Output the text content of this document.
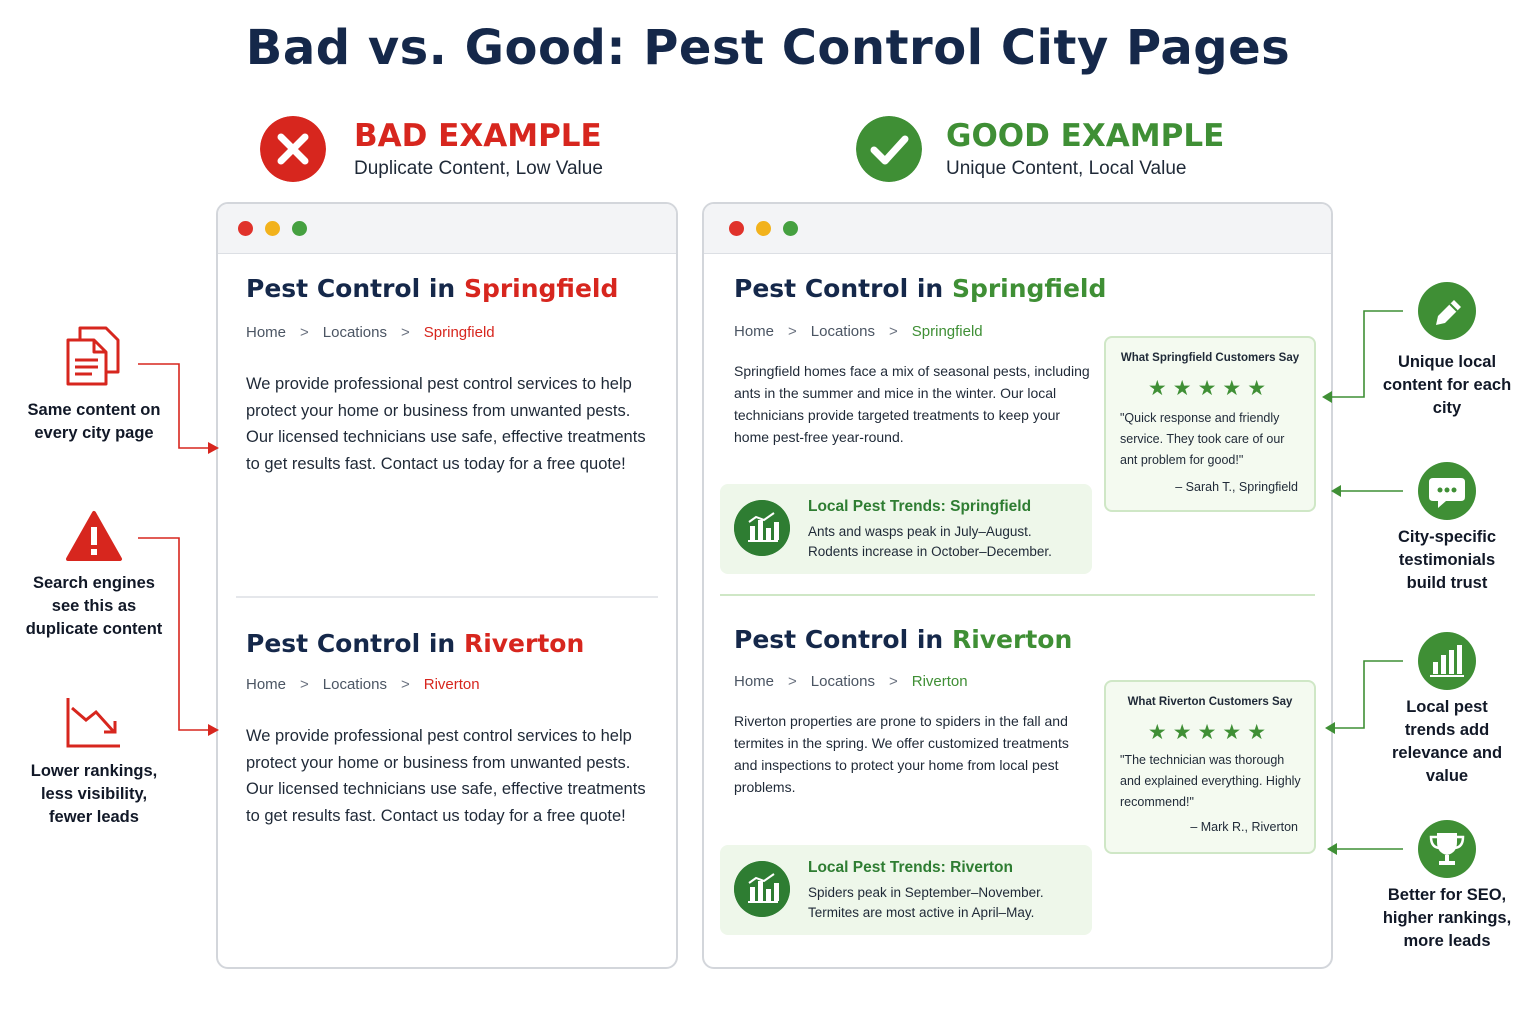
Bad vs. Good: Pest Control City Pages
BAD EXAMPLE
Duplicate Content, Low Value
GOOD EXAMPLE
Unique Content, Local Value
Pest Control in Springfield
Home > Locations > Springfield
We provide professional pest control services to help protect your home or business from unwanted pests. Our licensed technicians use safe, effective treatments to get results fast. Contact us today for a free quote!
Pest Control in Riverton
Home > Locations > Riverton
We provide professional pest control services to help protect your home or business from unwanted pests. Our licensed technicians use safe, effective treatments to get results fast. Contact us today for a free quote!
Pest Control in Springfield
Home > Locations > Springfield
Springfield homes face a mix of seasonal pests, including ants in the summer and mice in the winter. Our local technicians provide targeted treatments to keep your home pest-free year-round.
What Springfield Customers Say
★★★★★
"Quick response and friendly service. They took care of our ant problem for good!"
– Sarah T., Springfield
Local Pest Trends: Springfield
Ants and wasps peak in July–August.
Rodents increase in October–December.
Pest Control in Riverton
Home > Locations > Riverton
Riverton properties are prone to spiders in the fall and termites in the spring. We offer customized treatments and inspections to protect your home from local pest problems.
What Riverton Customers Say
★★★★★
"The technician was thorough and explained everything. Highly recommend!"
– Mark R., Riverton
Local Pest Trends: Riverton
Spiders peak in September–November.
Termites are most active in April–May.
Same content on every city page
Search engines see this as duplicate content
Lower rankings, less visibility, fewer leads
Unique local content for each city
City-specific testimonials build trust
Local pest trends add relevance and value
Better for SEO, higher rankings, more leads
